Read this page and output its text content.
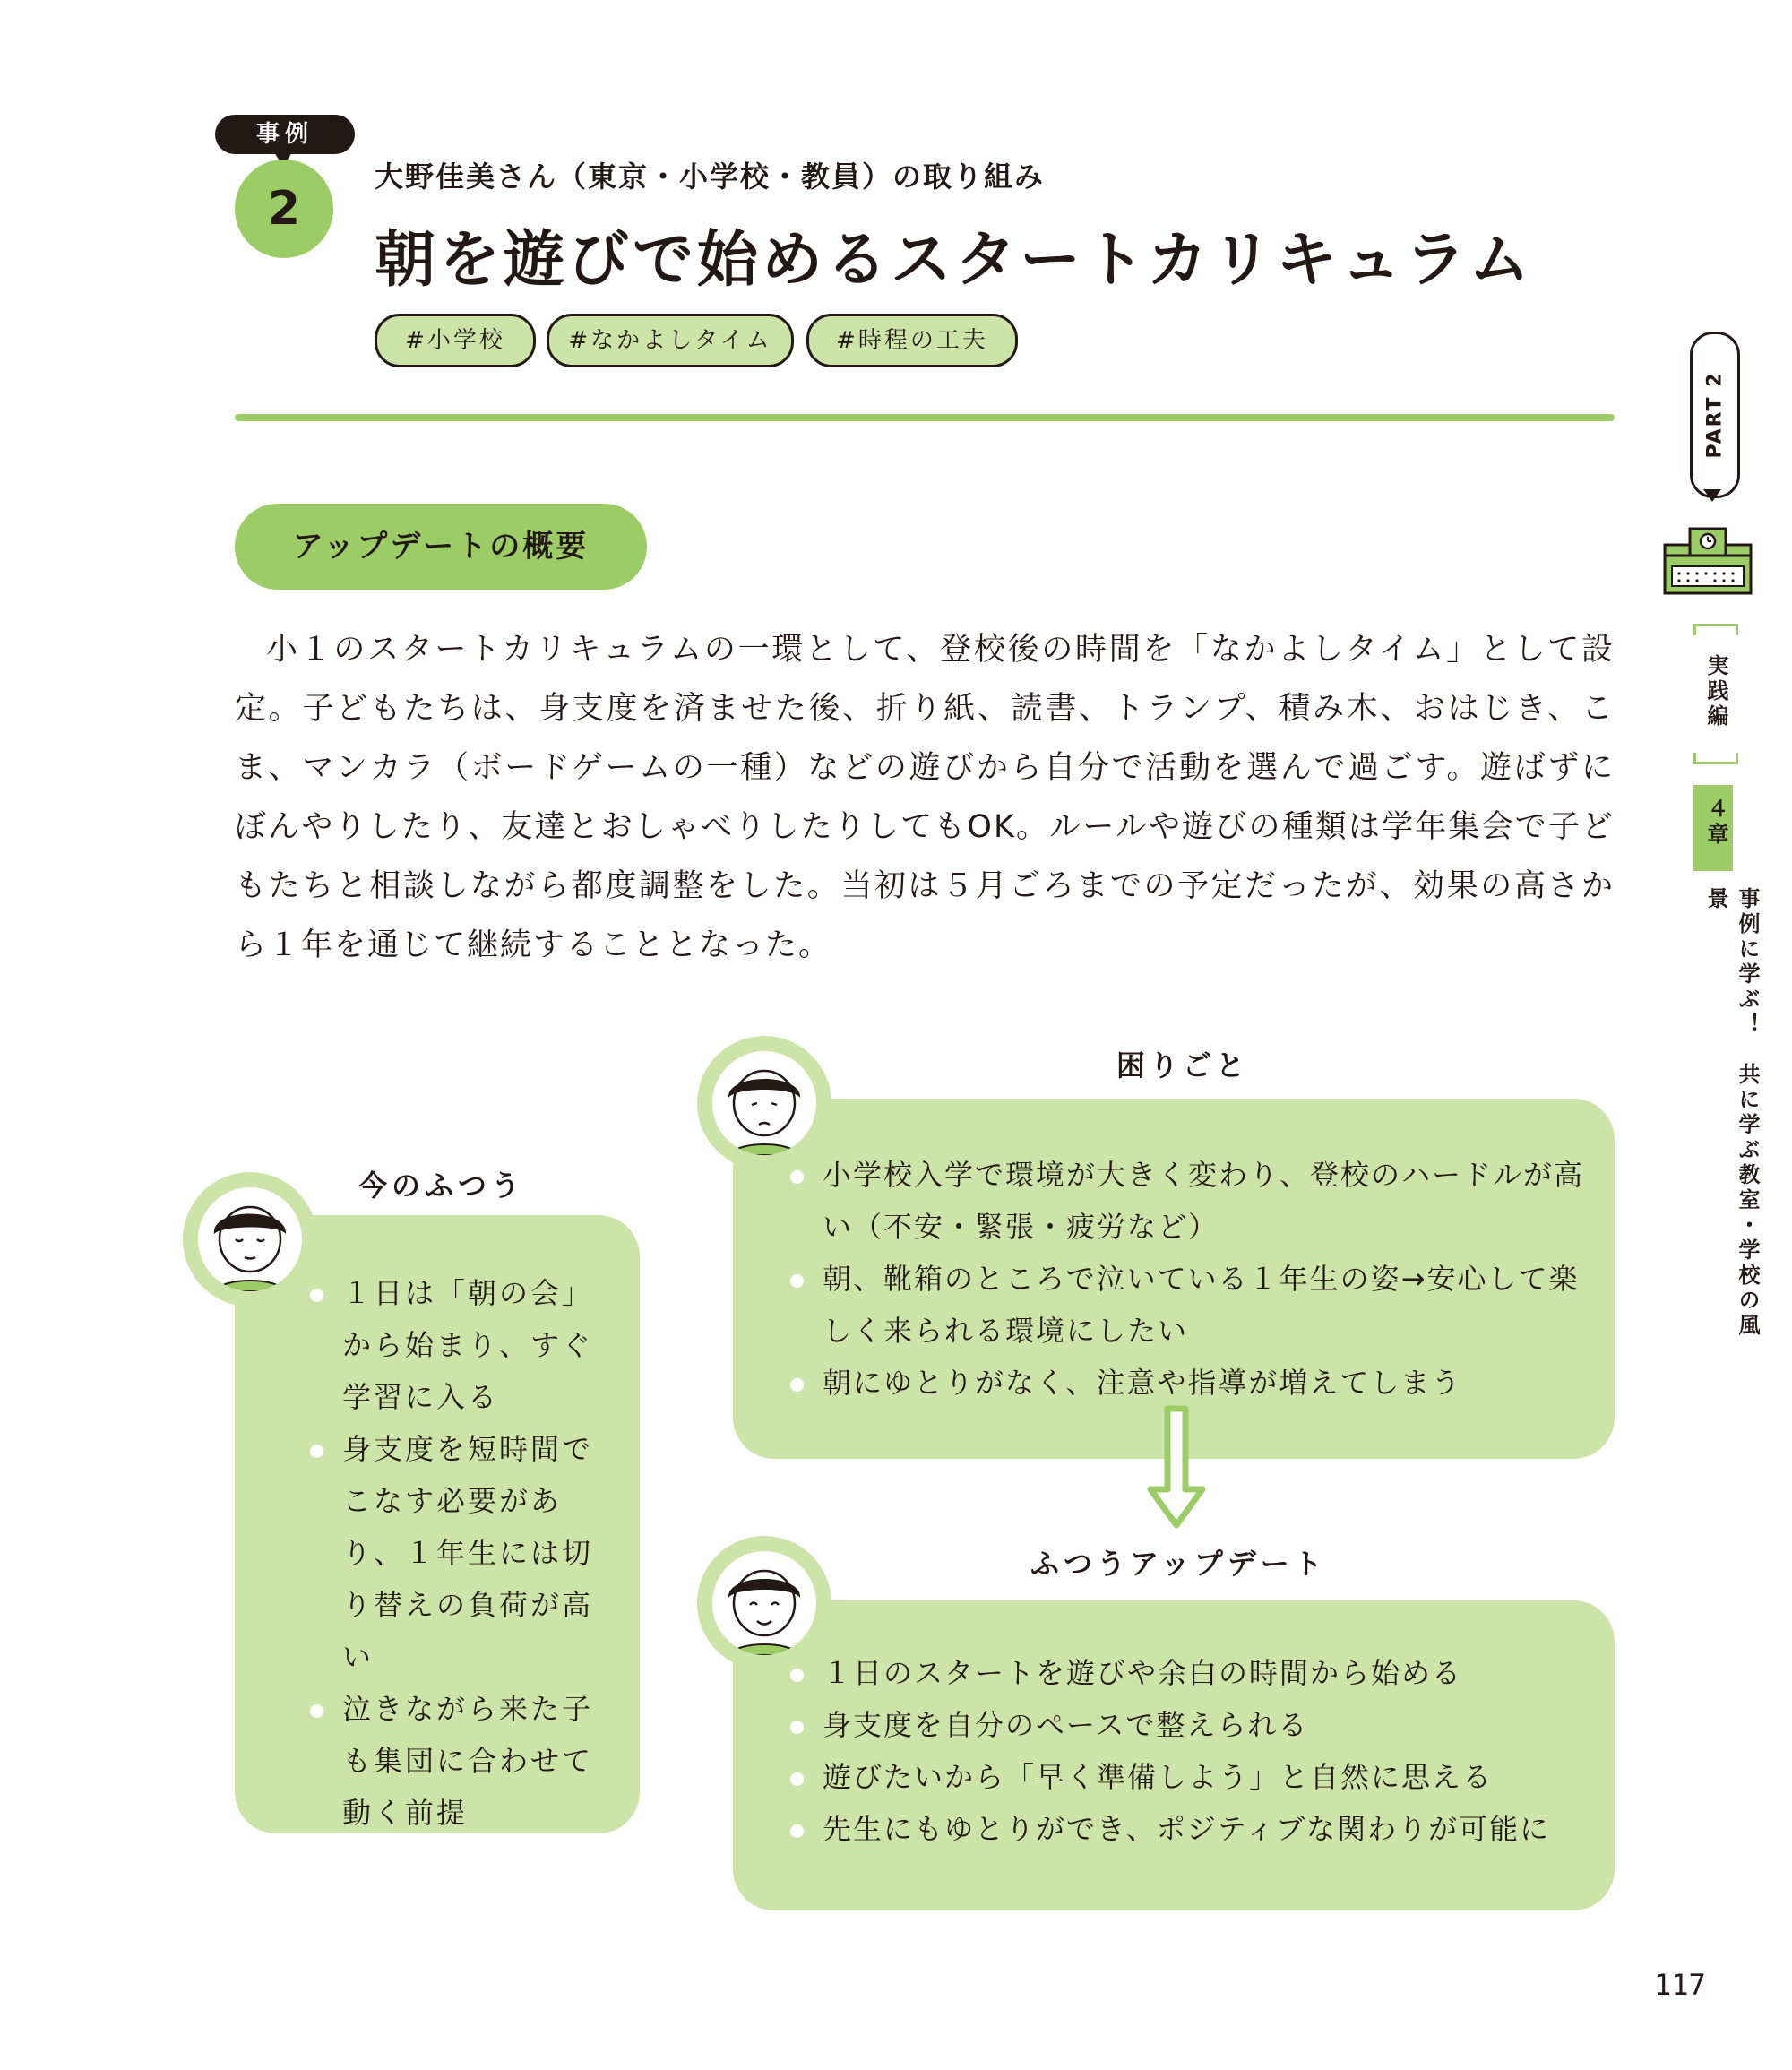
事例
2
大野佳美さん（東京・小学校・教員）の取り組み
朝を遊びで始めるスタートカリキュラム
#小学校	#なかよしタイム	#時程の工夫
アップデートの概要

小１のスタートカリキュラムの一環として、登校後の時間を「なかよしタイム」として設定。子どもたちは、身支度を済ませた後、折り紙、読書、トランプ、積み木、おはじき、こま、マンカラ（ボードゲームの一種）などの遊びから自分で活動を選んで過ごす。遊ばずにぼんやりしたり、友達とおしゃべりしたりしてもOK。ルールや遊びの種類は学年集会で子どもたちと相談しながら都度調整をした。当初は５月ごろまでの予定だったが、効果の高さから１年を通じて継続することとなった。

PART 2
実践編
４章
事例に学ぶ！　共に学ぶ教室・学校の風景
今のふつう
１日は「朝の会」から始まり、すぐ学習に入る
身支度を短時間でこなす必要があり、１年生には切り替えの負荷が高い
泣きながら来た子も集団に合わせて動く前提
困りごと
小学校入学で環境が大きく変わり、登校のハードルが高い（不安・緊張・疲労など）
朝、靴箱のところで泣いている１年生の姿→安心して楽しく来られる環境にしたい
朝にゆとりがなく、注意や指導が増えてしまう
ふつうアップデート
１日のスタートを遊びや余白の時間から始める
身支度を自分のペースで整えられる
遊びたいから「早く準備しよう」と自然に思える
先生にもゆとりができ、ポジティブな関わりが可能に
117
